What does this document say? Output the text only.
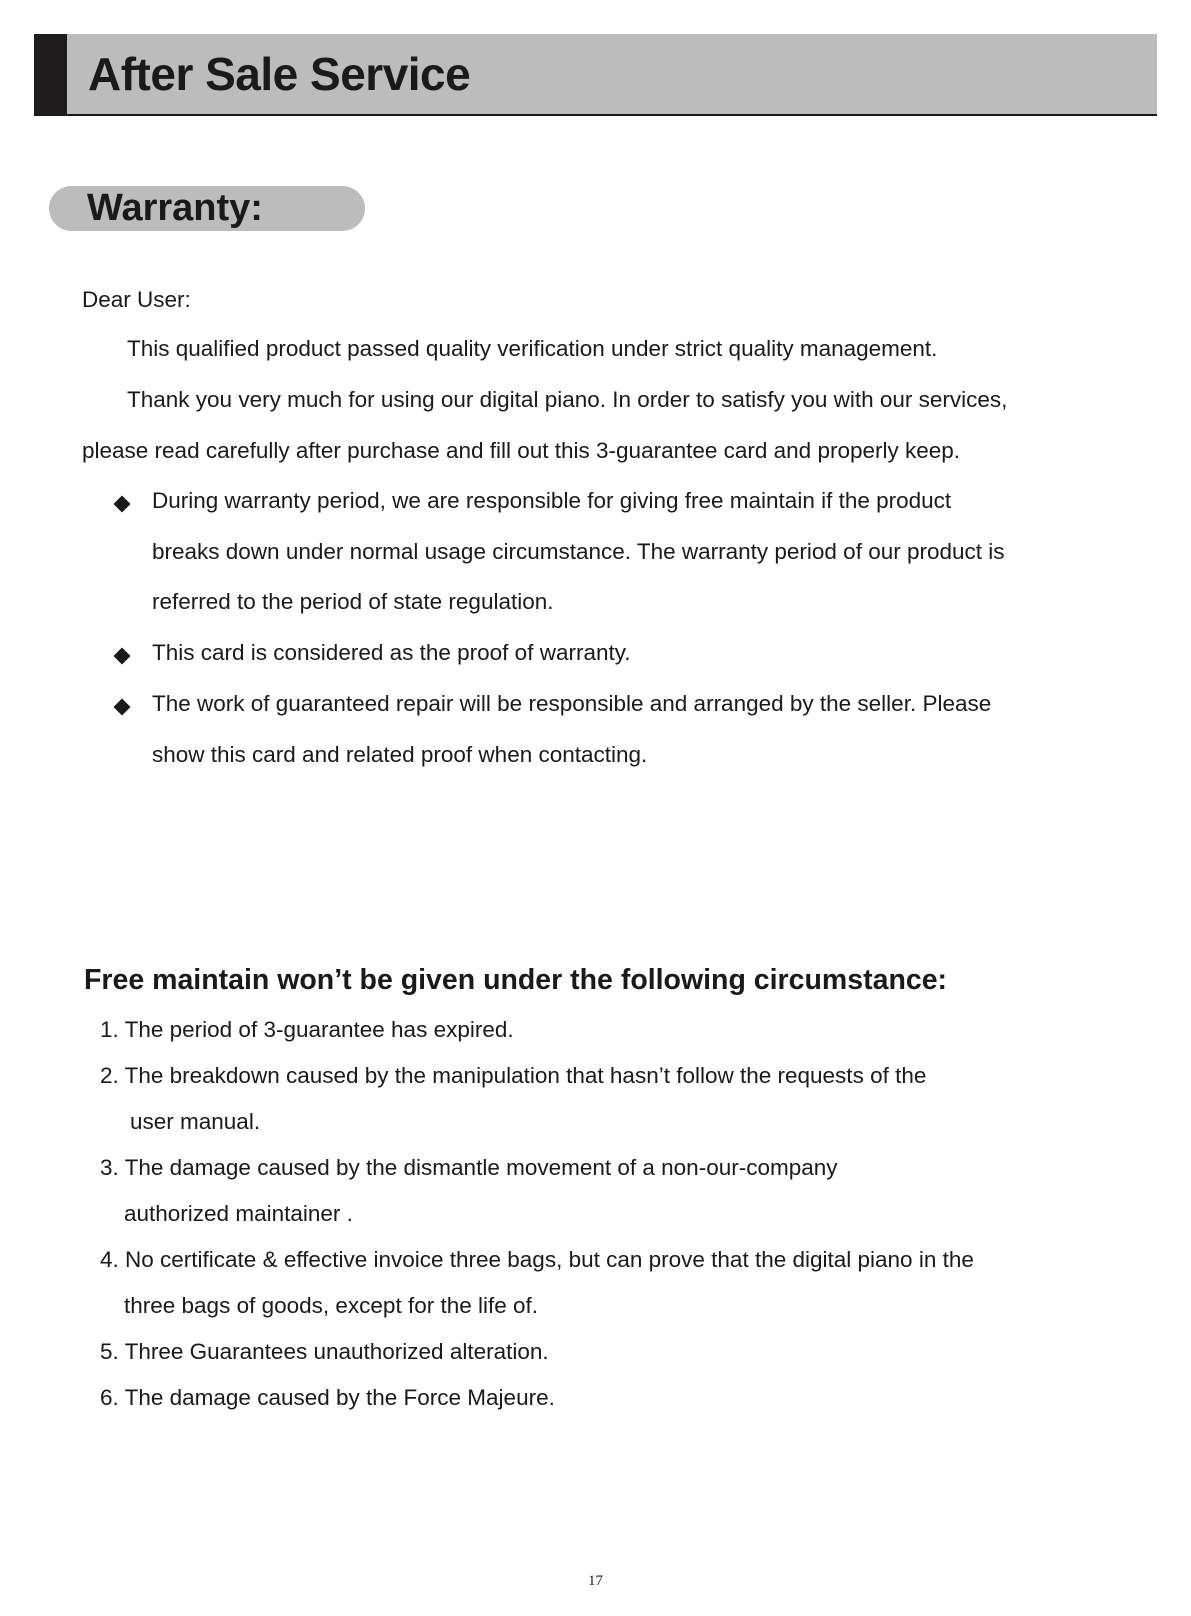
After Sale Service
Warranty:
Dear User:
This qualified product passed quality verification under strict quality management.
Thank you very much for using our digital piano. In order to satisfy you with our services,
please read carefully after purchase and fill out this 3-guarantee card and properly keep.
During warranty period, we are responsible for giving free maintain if the product
breaks down under normal usage circumstance. The warranty period of our product is
referred to the period of state regulation.
This card is considered as the proof of warranty.
The work of guaranteed repair will be responsible and arranged by the seller. Please
show this card and related proof when contacting.
Free maintain won’t be given under the following circumstance:
1. The period of 3-guarantee has expired.
2. The breakdown caused by the manipulation that hasn’t follow the requests of the
user manual.
3. The damage caused by the dismantle movement of a non-our-company
authorized maintainer .
4. No certificate & effective invoice three bags, but can prove that the digital piano in the
three bags of goods, except for the life of.
5. Three Guarantees unauthorized alteration.
6. The damage caused by the Force Majeure.
17
